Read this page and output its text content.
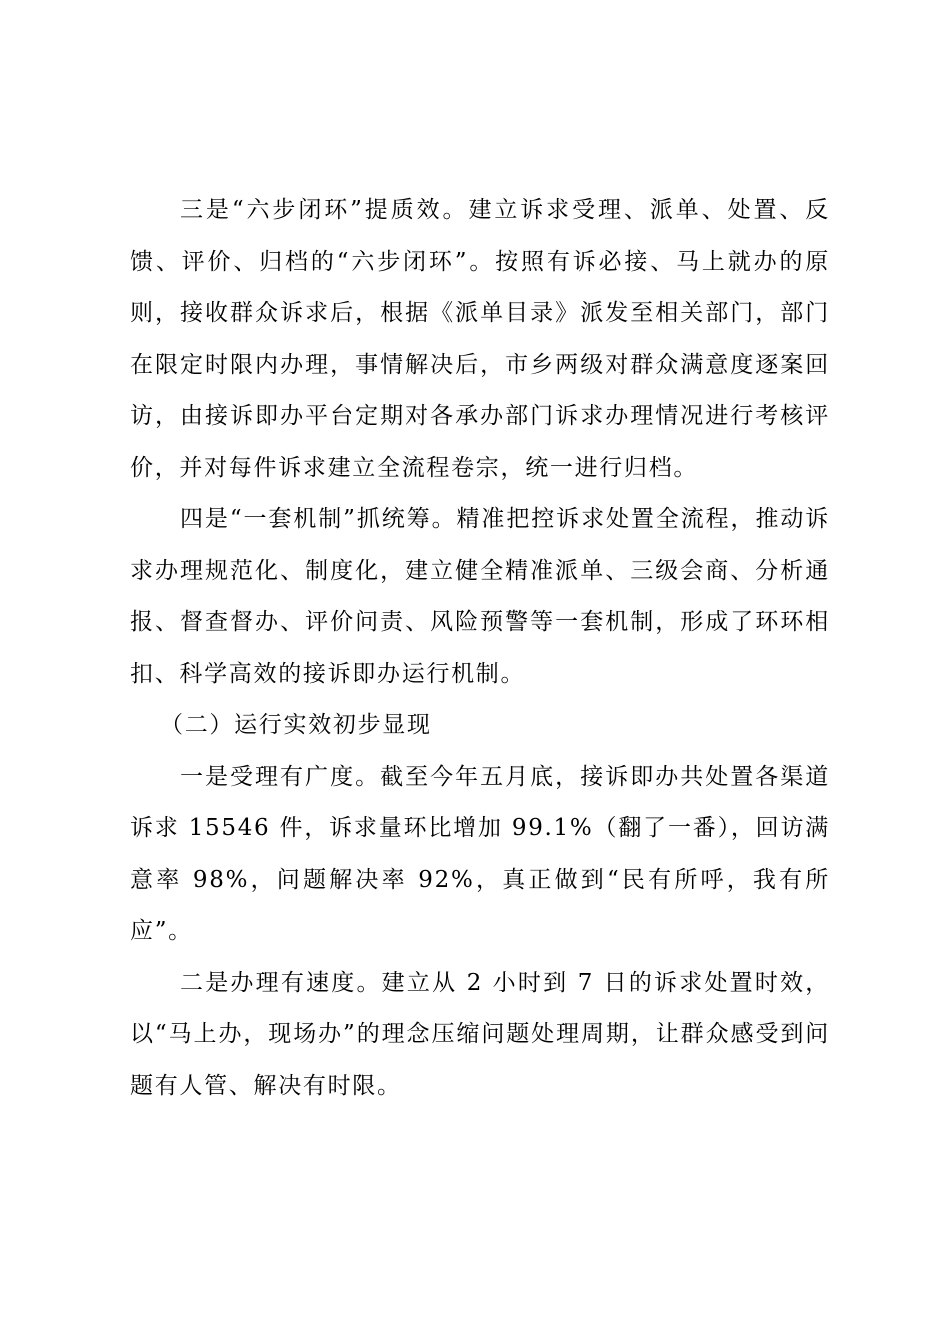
三是“六步闭环”提质效。建立诉求受理、派单、处置、反馈、评价、归档的“六步闭环”。按照有诉必接、马上就办的原则，接收群众诉求后，根据《派单目录》派发至相关部门，部门在限定时限内办理，事情解决后，市乡两级对群众满意度逐案回访，由接诉即办平台定期对各承办部门诉求办理情况进行考核评价，并对每件诉求建立全流程卷宗，统一进行归档。

四是“一套机制”抓统筹。精准把控诉求处置全流程，推动诉求办理规范化、制度化，建立健全精准派单、三级会商、分析通报、督查督办、评价问责、风险预警等一套机制，形成了环环相扣、科学高效的接诉即办运行机制。

（二）运行实效初步显现

一是受理有广度。截至今年五月底，接诉即办共处置各渠道诉求 15546 件，诉求量环比增加 99.1%（翻了一番），回访满意率 98%，问题解决率 92%，真正做到“民有所呼，我有所应”。

二是办理有速度。建立从 2 小时到 7 日的诉求处置时效，以“马上办，现场办”的理念压缩问题处理周期，让群众感受到问题有人管、解决有时限。
